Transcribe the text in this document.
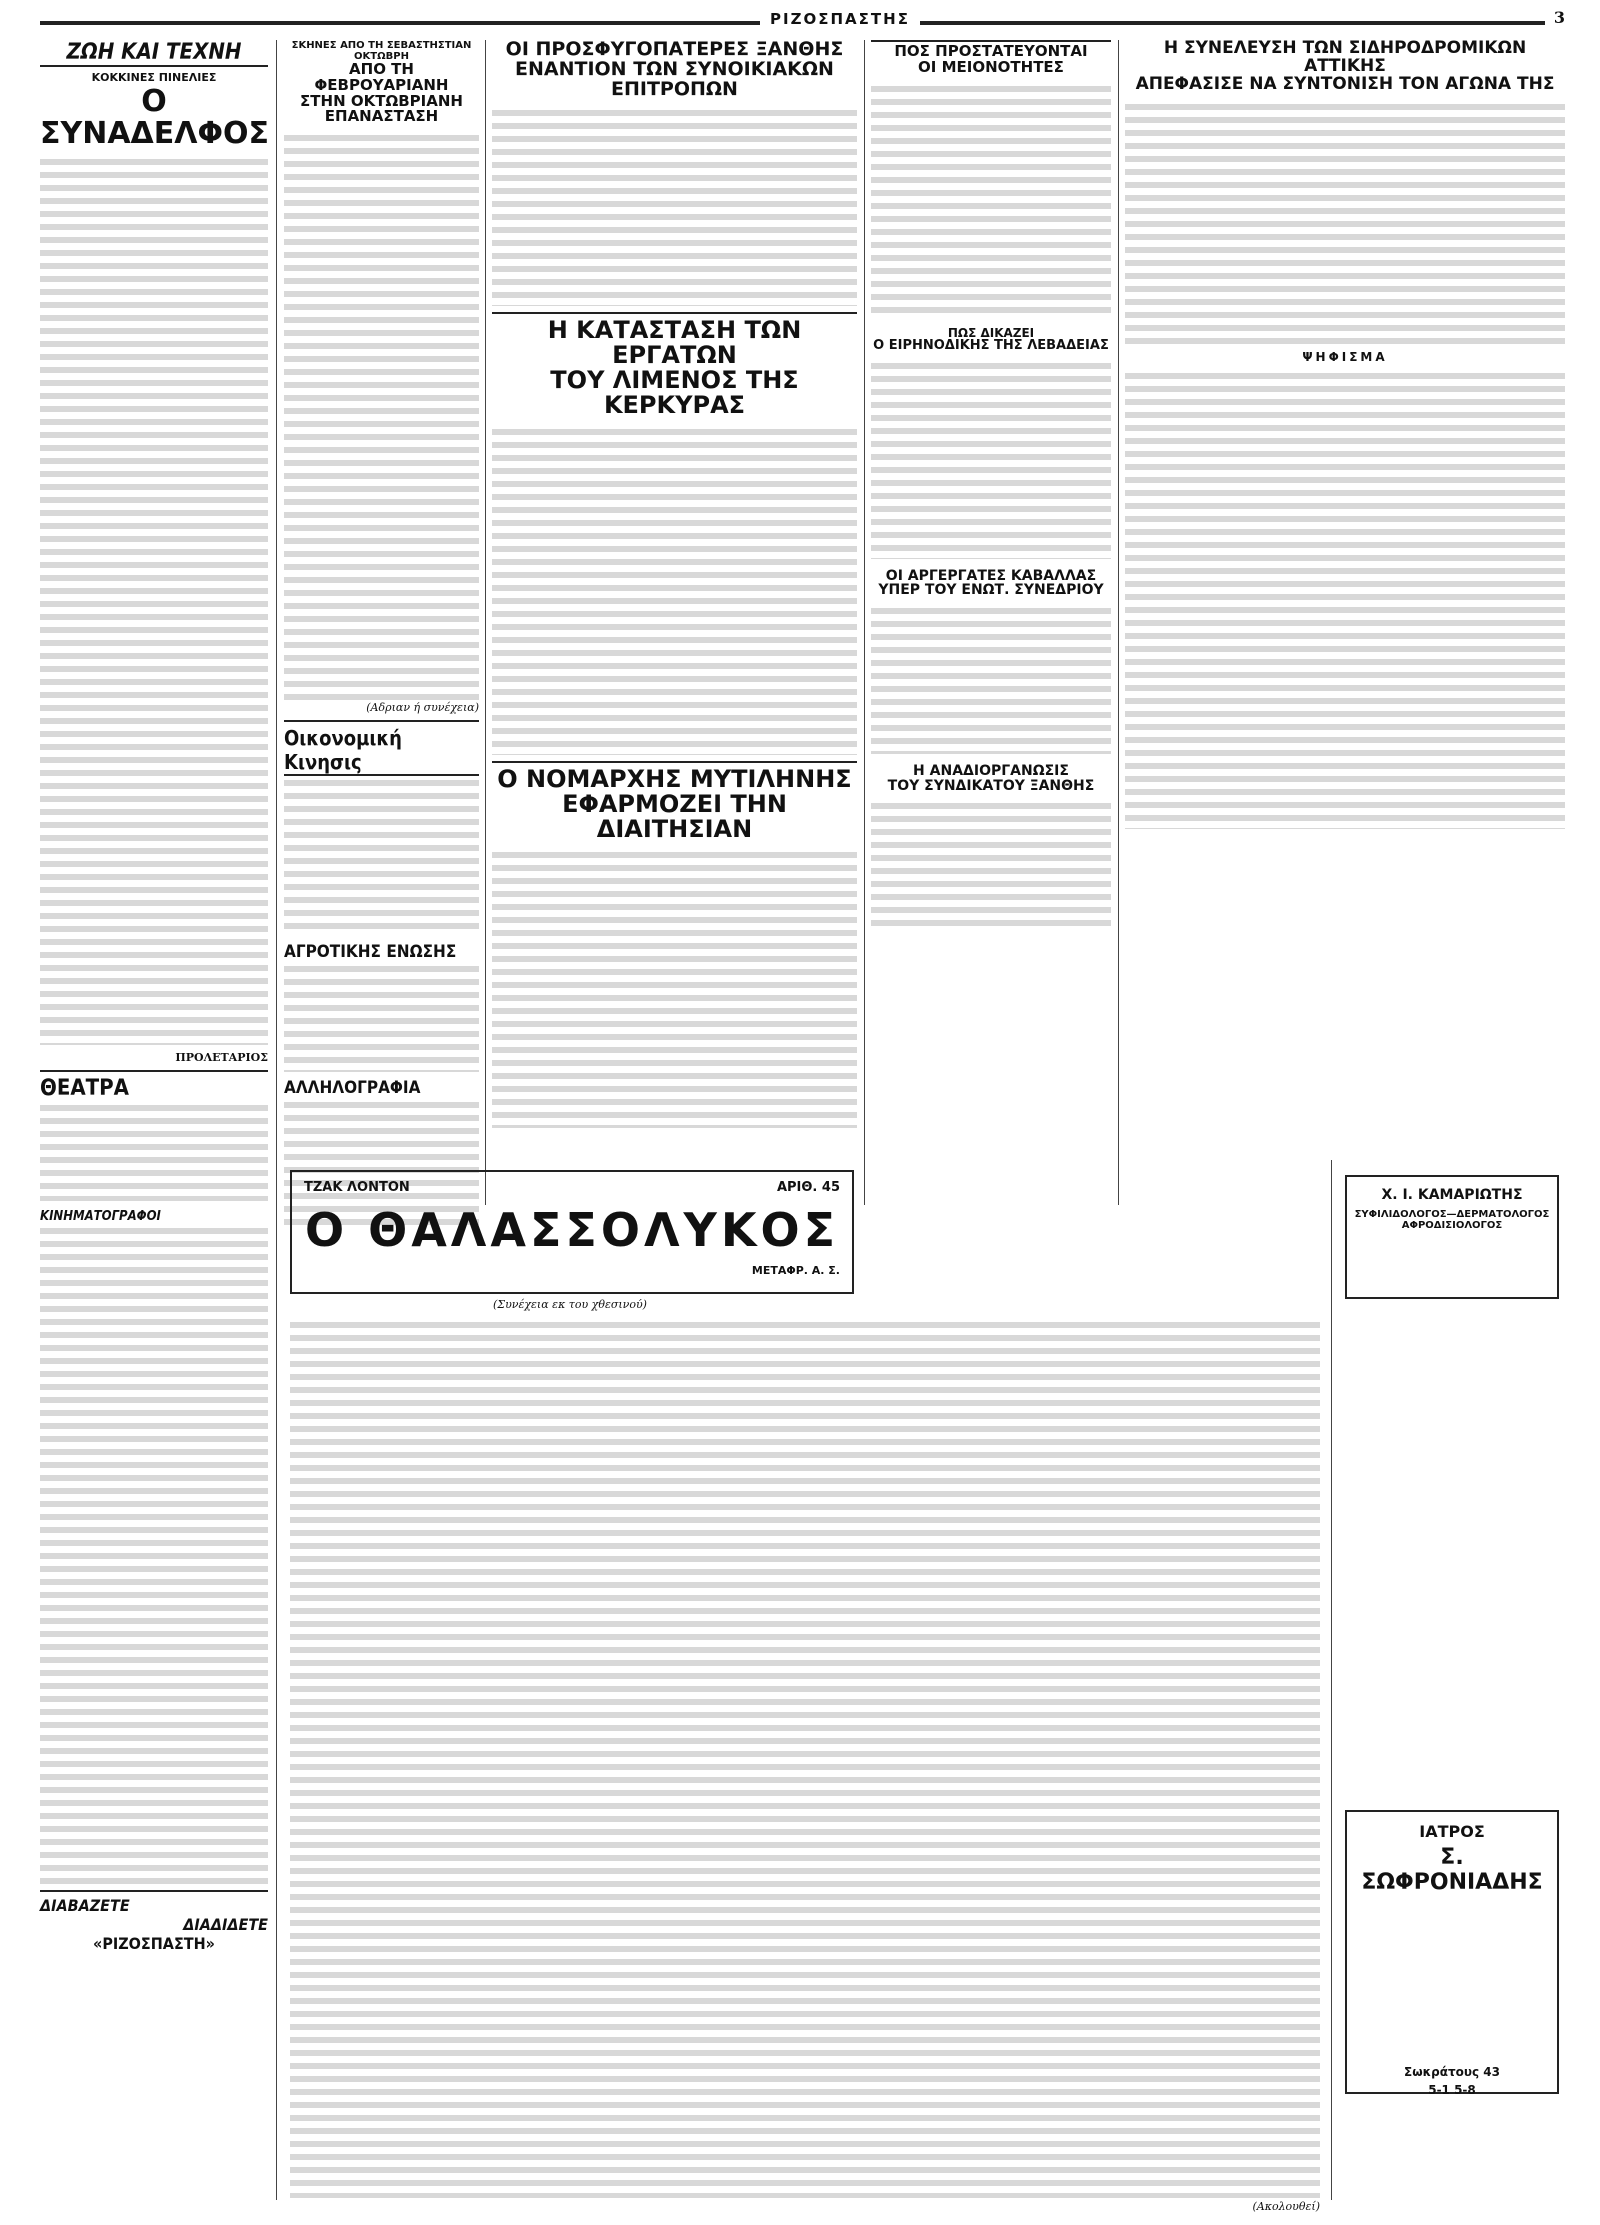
ΡΙΖΟΣΠΑΣΤΗΣ	3
ΖΩΗ ΚΑΙ ΤΕΧΝΗ
ΚΟΚΚΙΝΕΣ ΠΙΝΕΛΙΕΣ
Ο ΣΥΝΑΔΕΛΦΟΣ
ΠΡΟΛΕΤΑΡΙΟΣ
ΘΕΑΤΡΑ
ΚΙΝΗΜΑΤΟΓΡΑΦΟΙ
ΔΙΑΒΑΖΕΤΕ
ΔΙΑΔΙΔΕΤΕ
«ΡΙΖΟΣΠΑΣΤΗ»
ΣΚΗΝΕΣ ΑΠΟ ΤΗ ΣΕΒΑΣΤΗΣΤΙΑΝ ΟΚΤΩΒΡΗ
ΑΠΟ ΤΗ ΦΕΒΡΟΥΑΡΙΑΝΗ
ΣΤΗΝ ΟΚΤΩΒΡΙΑΝΗ ΕΠΑΝΑΣΤΑΣΗ
(Αδριαν ή συνέχεια)
Οικονομική Κινησις
ΑΓΡΟΤΙΚΗΣ ΕΝΩΣΗΣ
ΑΛΛΗΛΟΓΡΑΦΙΑ
ΟΙ ΠΡΟΣΦΥΓΟΠΑΤΕΡΕΣ ΞΑΝΘΗΣ
ΕΝΑΝΤΙΟΝ ΤΩΝ ΣΥΝΟΙΚΙΑΚΩΝ ΕΠΙΤΡΟΠΩΝ
Η ΚΑΤΑΣΤΑΣΗ ΤΩΝ ΕΡΓΑΤΩΝ
ΤΟΥ ΛΙΜΕΝΟΣ ΤΗΣ ΚΕΡΚΥΡΑΣ
Ο ΝΟΜΑΡΧΗΣ ΜΥΤΙΛΗΝΗΣ
ΕΦΑΡΜΟΖΕΙ ΤΗΝ ΔΙΑΙΤΗΣΙΑΝ
ΠΟΣ ΠΡΟΣΤΑΤΕΥΟΝΤΑΙ
ΟΙ ΜΕΙΟΝΟΤΗΤΕΣ
ΠΩΣ ΔΙΚΑΖΕΙ
Ο ΕΙΡΗΝΟΔΙΚΗΣ ΤΗΣ ΛΕΒΑΔΕΙΑΣ
ΟΙ ΑΡΓΕΡΓΑΤΕΣ ΚΑΒΑΛΛΑΣ
ΥΠΕΡ ΤΟΥ ΕΝΩΤ. ΣΥΝΕΔΡΙΟΥ
Η ΑΝΑΔΙΟΡΓΑΝΩΣΙΣ
ΤΟΥ ΣΥΝΔΙΚΑΤΟΥ ΞΑΝΘΗΣ
Η ΣΥΝΕΛΕΥΣΗ ΤΩΝ ΣΙΔΗΡΟΔΡΟΜΙΚΩΝ ΑΤΤΙΚΗΣ
ΑΠΕΦΑΣΙΣΕ ΝΑ ΣΥΝΤΟΝΙΣΗ ΤΟΝ ΑΓΩΝΑ ΤΗΣ
ΨΗΦΙΣΜΑ
ΤΖΑΚ ΛΟΝΤΟΝ	ΑΡΙΘ. 45
Ο ΘΑΛΑΣΣΟΛΥΚΟΣ
ΜΕΤΑΦΡ. Α. Σ.
(Συνέχεια εκ του χθεσινού)
(Ακολουθεί)
Χ. Ι. ΚΑΜΑΡΙΩΤΗΣ
ΣΥΦΙΛΙΔΟΛΟΓΟΣ—ΔΕΡΜΑΤΟΛΟΓΟΣ ΑΦΡΟΔΙΣΙΟΛΟΓΟΣ
ΙΑΤΡΟΣ
Σ. ΣΩΦΡΟΝΙΑΔΗΣ
Σωκράτους 43
5-1 5-8
